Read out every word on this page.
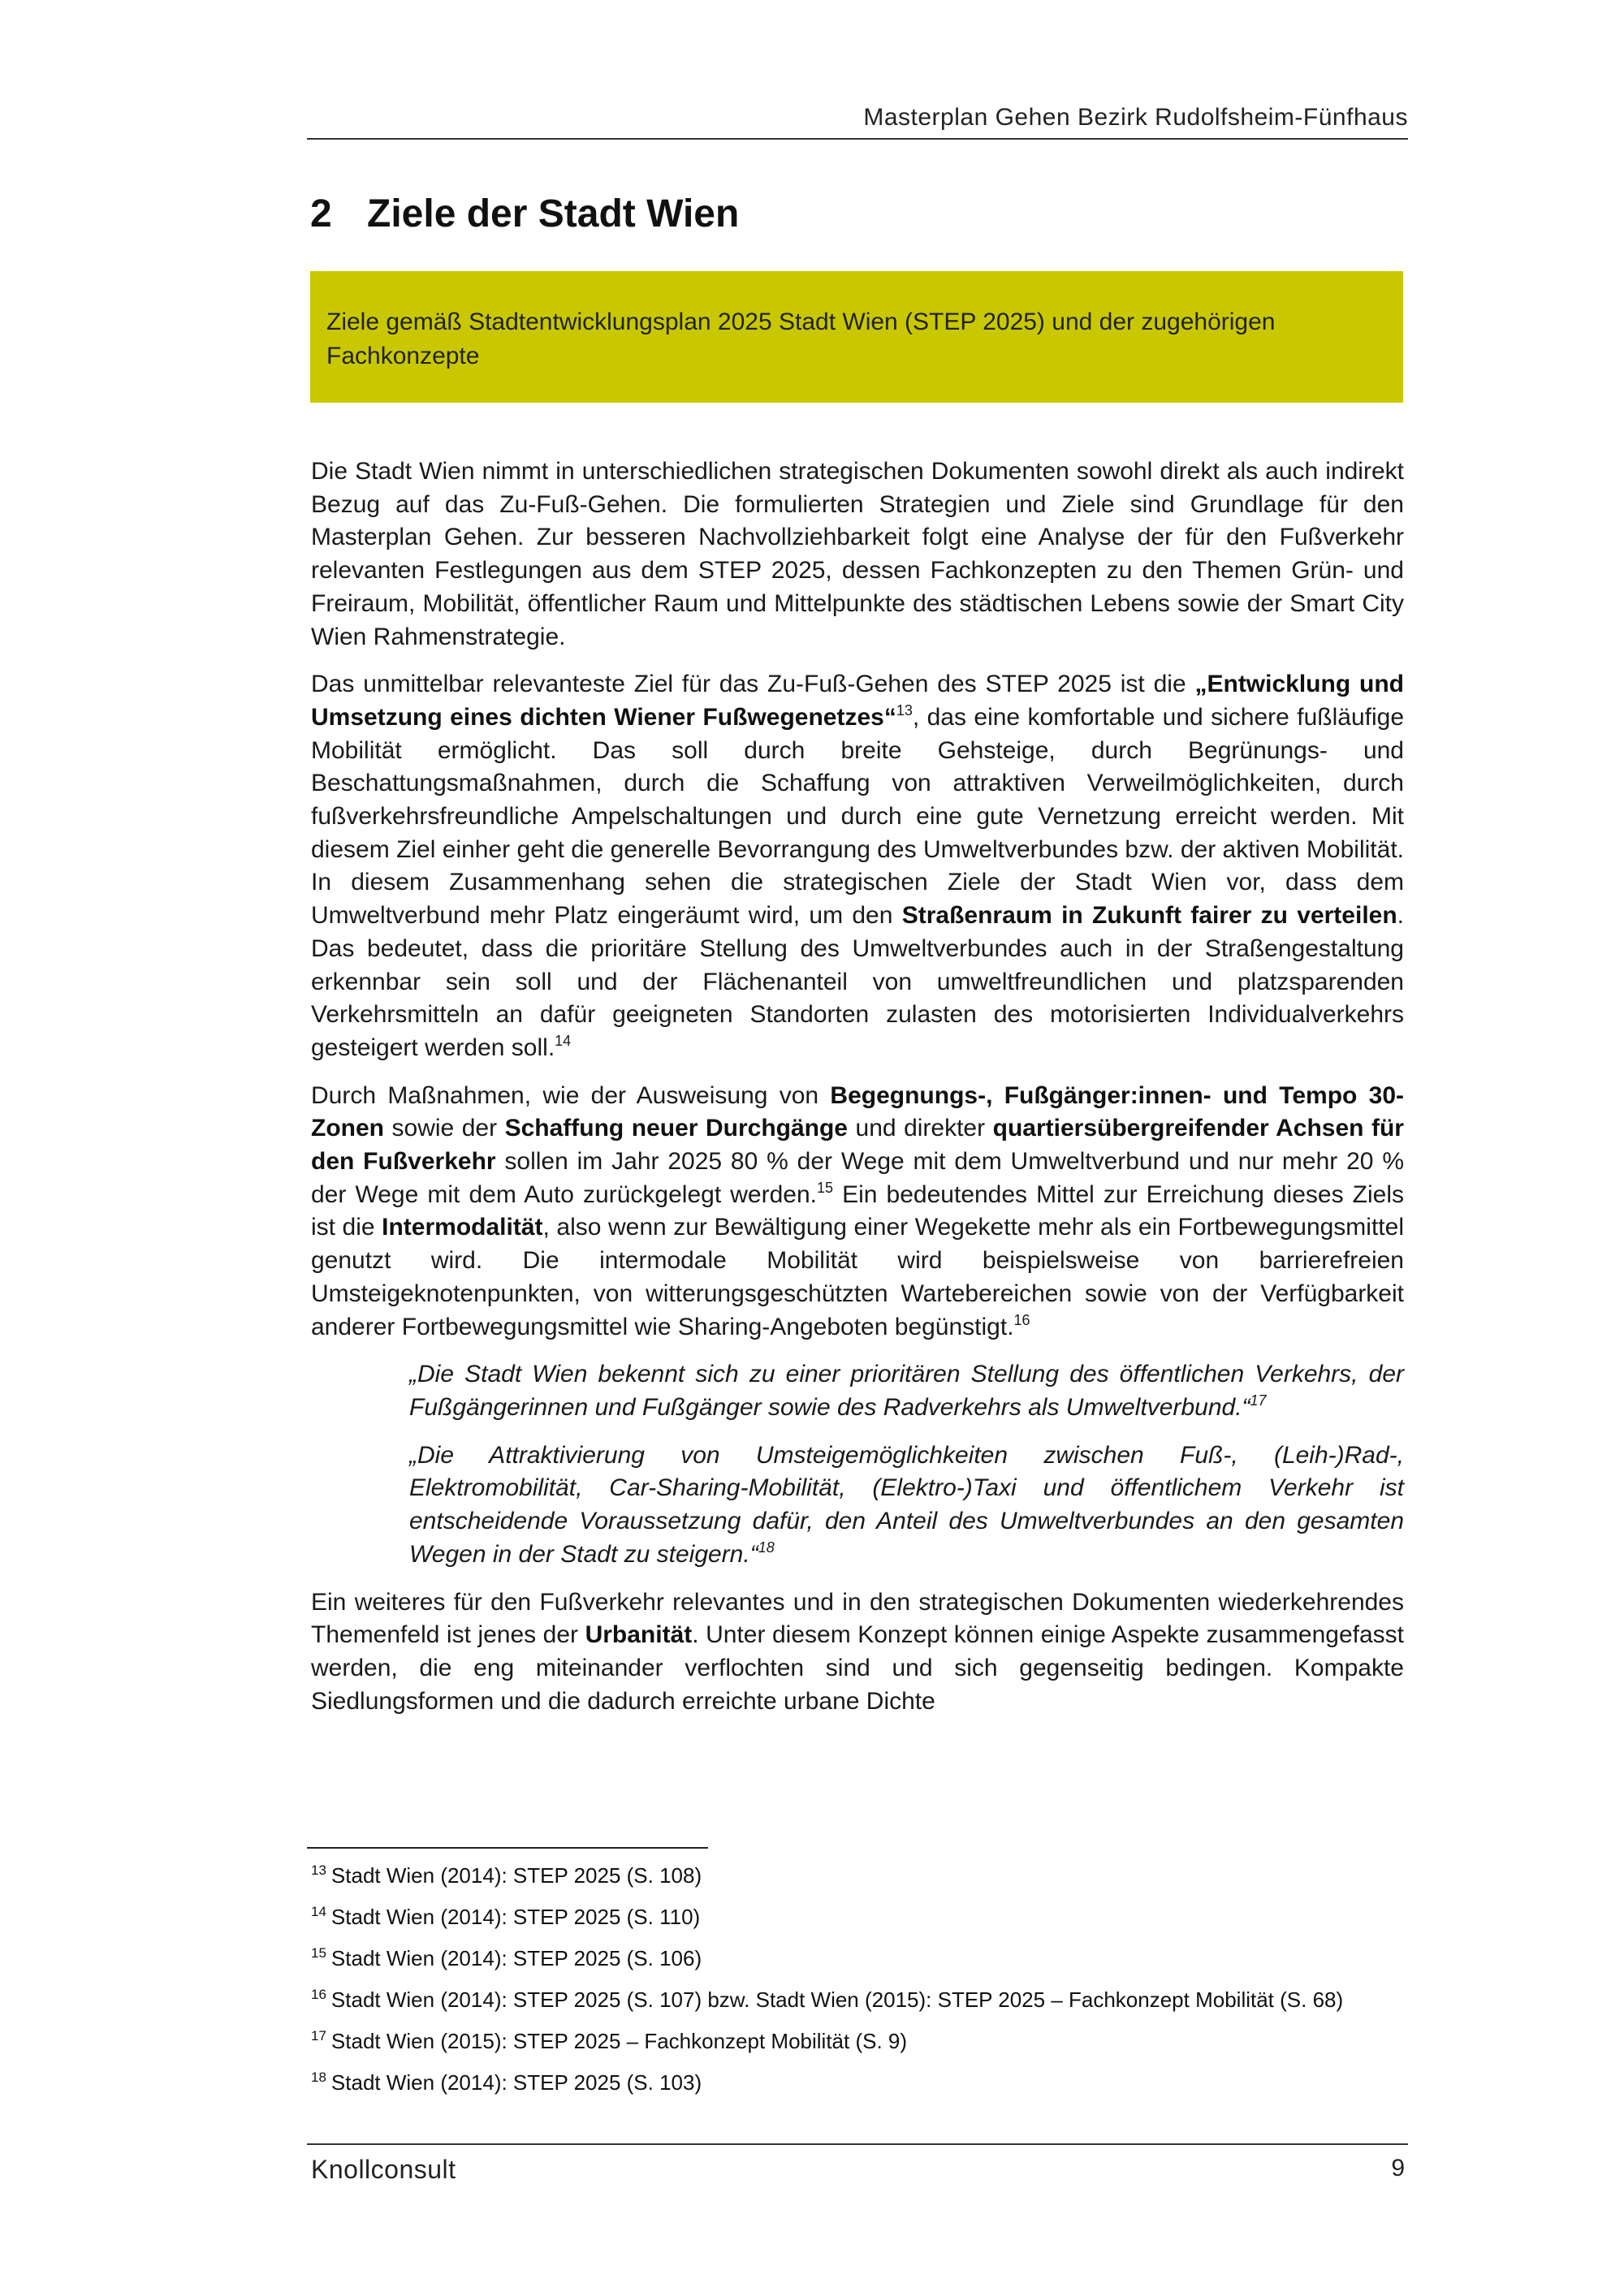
Masterplan Gehen Bezirk Rudolfsheim-Fünfhaus
2 Ziele der Stadt Wien
Ziele gemäß Stadtentwicklungsplan 2025 Stadt Wien (STEP 2025) und der zugehörigen Fachkonzepte

Die Stadt Wien nimmt in unterschiedlichen strategischen Dokumenten sowohl direkt als auch indirekt Bezug auf das Zu-Fuß-Gehen. Die formulierten Strategien und Ziele sind Grundlage für den Masterplan Gehen. Zur besseren Nachvollziehbarkeit folgt eine Analyse der für den Fußverkehr relevanten Festlegungen aus dem STEP 2025, dessen Fachkonzepten zu den Themen Grün- und Freiraum, Mobilität, öffentlicher Raum und Mittelpunkte des städtischen Lebens sowie der Smart City Wien Rahmenstrategie.

Das unmittelbar relevanteste Ziel für das Zu-Fuß-Gehen des STEP 2025 ist die „Entwicklung und Umsetzung eines dichten Wiener Fußwegenetzes“$^{13}$, das eine komfortable und sichere fußläufige Mobilität ermöglicht. Das soll durch breite Gehsteige, durch Begrünungs- und Beschattungsmaßnahmen, durch die Schaffung von attraktiven Verweilmöglichkeiten, durch fußverkehrsfreundliche Ampelschaltungen und durch eine gute Vernetzung erreicht werden. Mit diesem Ziel einher geht die generelle Bevorrangung des Umweltverbundes bzw. der aktiven Mobilität. In diesem Zusammenhang sehen die strategischen Ziele der Stadt Wien vor, dass dem Umweltverbund mehr Platz eingeräumt wird, um den Straßenraum in Zukunft fairer zu verteilen. Das bedeutet, dass die prioritäre Stellung des Umweltverbundes auch in der Straßengestaltung erkennbar sein soll und der Flächenanteil von umweltfreundlichen und platzsparenden Verkehrsmitteln an dafür geeigneten Standorten zulasten des motorisierten Individualverkehrs gesteigert werden soll.$^{14}$

Durch Maßnahmen, wie der Ausweisung von Begegnungs-, Fußgänger:innen- und Tempo 30-Zonen sowie der Schaffung neuer Durchgänge und direkter quartiersübergreifender Achsen für den Fußverkehr sollen im Jahr 2025 80 % der Wege mit dem Umweltverbund und nur mehr 20 % der Wege mit dem Auto zurückgelegt werden.$^{15}$ Ein bedeutendes Mittel zur Erreichung dieses Ziels ist die Intermodalität, also wenn zur Bewältigung einer Wegekette mehr als ein Fortbewegungsmittel genutzt wird. Die intermodale Mobilität wird beispielsweise von barrierefreien Umsteigeknotenpunkten, von witterungsgeschützten Wartebereichen sowie von der Verfügbarkeit anderer Fortbewegungsmittel wie Sharing-Angeboten begünstigt.$^{16}$

„Die Stadt Wien bekennt sich zu einer prioritären Stellung des öffentlichen Verkehrs, der Fußgängerinnen und Fußgänger sowie des Radverkehrs als Umweltverbund.“$^{17}$

„Die Attraktivierung von Umsteigemöglichkeiten zwischen Fuß-, (Leih-)Rad-, Elektromobilität, Car-Sharing-Mobilität, (Elektro-)Taxi und öffentlichem Verkehr ist entscheidende Voraussetzung dafür, den Anteil des Umweltverbundes an den gesamten Wegen in der Stadt zu steigern.“$^{18}$

Ein weiteres für den Fußverkehr relevantes und in den strategischen Dokumenten wiederkehrendes Themenfeld ist jenes der Urbanität. Unter diesem Konzept können einige Aspekte zusammengefasst werden, die eng miteinander verflochten sind und sich gegenseitig bedingen. Kompakte Siedlungsformen und die dadurch erreichte urbane Dichte

$^{13}$ Stadt Wien (2014): STEP 2025 (S. 108)
$^{14}$ Stadt Wien (2014): STEP 2025 (S. 110)
$^{15}$ Stadt Wien (2014): STEP 2025 (S. 106)
$^{16}$ Stadt Wien (2014): STEP 2025 (S. 107) bzw. Stadt Wien (2015): STEP 2025 – Fachkonzept Mobilität (S. 68)
$^{17}$ Stadt Wien (2015): STEP 2025 – Fachkonzept Mobilität (S. 9)
$^{18}$ Stadt Wien (2014): STEP 2025 (S. 103)
Knollconsult	9
